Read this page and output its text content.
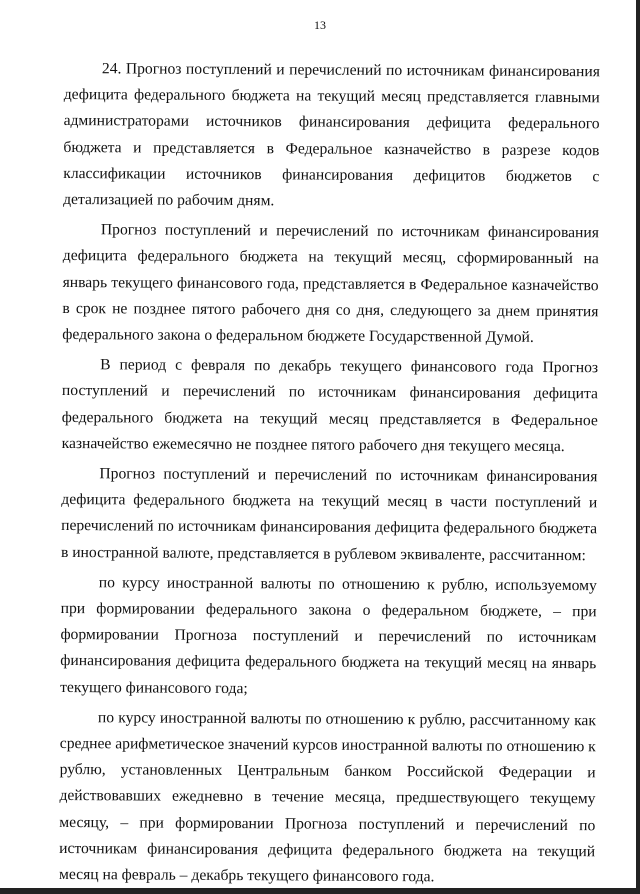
13

24. Прогноз поступлений и перечислений по источникам финансирования дефицита федерального бюджета на текущий месяц представляется главными администраторами источников финансирования дефицита федерального бюджета и представляется в Федеральное казначейство в разрезе кодов классификации источников финансирования дефицитов бюджетов с детализацией по рабочим дням.

Прогноз поступлений и перечислений по источникам финансирования дефицита федерального бюджета на текущий месяц, сформированный на январь текущего финансового года, представляется в Федеральное казначейство в срок не позднее пятого рабочего дня со дня, следующего за днем принятия федерального закона о федеральном бюджете Государственной Думой.

В период с февраля по декабрь текущего финансового года Прогноз поступлений и перечислений по источникам финансирования дефицита федерального бюджета на текущий месяц представляется в Федеральное казначейство ежемесячно не позднее пятого рабочего дня текущего месяца.

Прогноз поступлений и перечислений по источникам финансирования дефицита федерального бюджета на текущий месяц в части поступлений и перечислений по источникам финансирования дефицита федерального бюджета в иностранной валюте, представляется в рублевом эквиваленте, рассчитанном:

по курсу иностранной валюты по отношению к рублю, используемому при формировании федерального закона о федеральном бюджете, – при формировании Прогноза поступлений и перечислений по источникам финансирования дефицита федерального бюджета на текущий месяц на январь текущего финансового года;

по курсу иностранной валюты по отношению к рублю, рассчитанному как среднее арифметическое значений курсов иностранной валюты по отношению к рублю, установленных Центральным банком Российской Федерации и действовавших ежедневно в течение месяца, предшествующего текущему месяцу, – при формировании Прогноза поступлений и перечислений по источникам финансирования дефицита федерального бюджета на текущий месяц на февраль – декабрь текущего финансового года.
